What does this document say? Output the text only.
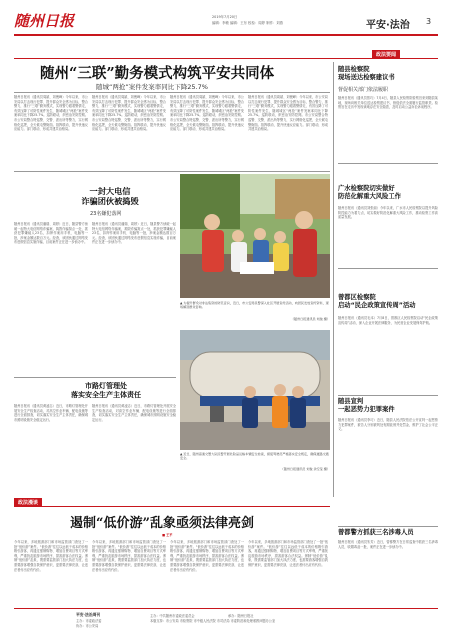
随州日报	2019年7月20日
编辑：李敏 编辑：王东 校检：周婷 制作：刘燕	平安·法治 3
政法要闻
随州“三联”勤务模式构筑平安共同体
随城“两抢”案件发案率同比下降25.7%
随州日报讯（通讯员周斌、刘俊峰）今年以来，市公安局以打击现行犯罪、提升群众安全感为目标，整合警力，推行“三联”勤务模式，实现警力跟着警情走，有效压降了可防性案件发生，随城城区“两抢”案件发案率同比下降25.7%。巡防联动，织密治安防控网。市公安局整合特巡警、交警、派出所等警力，实行网格化巡逻，全天候屯警街面。指挥联动，提升快速反应能力。部门联动，形成共建共治格局。
随州日报讯（通讯员周斌、刘俊峰）今年以来，市公安局以打击现行犯罪、提升群众安全感为目标，整合警力，推行“三联”勤务模式，实现警力跟着警情走，有效压降了可防性案件发生，随城城区“两抢”案件发案率同比下降25.7%。巡防联动，织密治安防控网。市公安局整合特巡警、交警、派出所等警力，实行网格化巡逻，全天候屯警街面。指挥联动，提升快速反应能力。部门联动，形成共建共治格局。
随州日报讯（通讯员周斌、刘俊峰）今年以来，市公安局以打击现行犯罪、提升群众安全感为目标，整合警力，推行“三联”勤务模式，实现警力跟着警情走，有效压降了可防性案件发生，随城城区“两抢”案件发案率同比下降25.7%。巡防联动，织密治安防控网。市公安局整合特巡警、交警、派出所等警力，实行网格化巡逻，全天候屯警街面。指挥联动，提升快速反应能力。部门联动，形成共建共治格局。
随州日报讯（通讯员周斌、刘俊峰）今年以来，市公安局以打击现行犯罪、提升群众安全感为目标，整合警力，推行“三联”勤务模式，实现警力跟着警情走，有效压降了可防性案件发生，随城城区“两抢”案件发案率同比下降25.7%。巡防联动，织密治安防控网。市公安局整合特巡警、交警、派出所等警力，实行网格化巡逻，全天候屯警街面。指挥联动，提升快速反应能力。部门联动，形成共建共治格局。
随县检察院
现场送达检察建议书
督促相关部门依法履职
随州日报讯（通讯员蔡巧）7月4日，随县人民检察院检察官来到随县某地，现场向相关单位送达检察建议书，督促依法全面履行监管职责。检察官在走访中发现该地存在安全隐患，及时启动公益诉讼诉前程序。
广水检察院切实做好
防范化解重大风险工作
随州日报讯（通讯员刘张丽）今年以来，广水市人民检察院以提升风险防控能力为着力点，切实做好防范化解重大风险工作，推动检察工作高质量发展。
曾都区检察院
启动“民企政策宣传周”活动
随州日报讯（通讯员毛本）7月8日，曾都区人民检察院启动“民企政策宣传周”活动，深入企业开展法律服务，为民营企业发展保驾护航。
随县宣判
一起恶势力犯罪案件
随州日报讯（通讯员李巧）近日，随县人民法院依法公开宣判一起恶势力犯罪案件，被告人分别被判处有期徒刑并处罚金，维护了社会公平正义。
曾都警方抓获三名涉毒人员
随州日报讯（通讯员朱芳）近日，曾都警方在日常巡查中抓获三名涉毒人员，收缴毒品一批，案件正在进一步侦办中。
一封大电信
诈骗团伙被捣毁
23名嫌犯落网
随州日报讯（通讯员潘瑞、周婷）近日，随县警方侦破一起特大电信网络诈骗案，捣毁诈骗窝点一处，抓获犯罪嫌疑人23名，扣押作案用手机、电脑等一批，涉案金额达数百万元。经查，该团伙通过网络发布虚假信息实施诈骗，目前案件正在进一步侦办中。
随州日报讯（通讯员潘瑞、周婷）近日，随县警方侦破一起特大电信网络诈骗案，捣毁诈骗窝点一处，抓获犯罪嫌疑人23名，扣押作案用手机、电脑等一批，涉案金额达数百万元。经查，该团伙通过网络发布虚假信息实施诈骗，目前案件正在进一步侦办中。
▲ 为提升群众对非法集资的防范意识，近日，市公安局民警深入社区开展宣传活动，向居民发放宣传资料，现场解答群众咨询。
（随州日报通讯员 刘俊 摄）
市路灯管理处
落实安全生产主体责任
随州日报讯（通讯员黄凌志）近日，市路灯管理处开展安全生产检查活动，对高空作业车辆、配电设施等进行全面排查，切实落实安全生产主体责任，确保城市照明设施安全稳定运行。
随州日报讯（通讯员黄凌志）近日，市路灯管理处开展安全生产检查活动，对高空作业车辆、配电设施等进行全面排查，切实落实安全生产主体责任，确保城市照明设施安全稳定运行。
▲ 近日，随州高速交警大队民警开展危险品运输车辆安全检查，督促驾驶员严格落实安全规定，确保道路交通安全。
（随州日报通讯员 刘俊 余空莹 摄）
政法漫谈
遏制“低价游”乱象亟须法律亮剑
■ 王平
今年以来，多地旅游部门和市场监管部门查处了一批“低价游”案件。“低价游”往往以远低于成本的价格吸引游客，再通过强制购物、增加自费项目等方式牟利，严重扰乱旅游市场秩序，损害游客合法权益。遏制“低价游”乱象，既需要监管部门加大执法力度，也需要游客增强自我保护意识，更需要法律亮剑，让违法者付出应有代价。
今年以来，多地旅游部门和市场监管部门查处了一批“低价游”案件。“低价游”往往以远低于成本的价格吸引游客，再通过强制购物、增加自费项目等方式牟利，严重扰乱旅游市场秩序，损害游客合法权益。遏制“低价游”乱象，既需要监管部门加大执法力度，也需要游客增强自我保护意识，更需要法律亮剑，让违法者付出应有代价。
今年以来，多地旅游部门和市场监管部门查处了一批“低价游”案件。“低价游”往往以远低于成本的价格吸引游客，再通过强制购物、增加自费项目等方式牟利，严重扰乱旅游市场秩序，损害游客合法权益。遏制“低价游”乱象，既需要监管部门加大执法力度，也需要游客增强自我保护意识，更需要法律亮剑，让违法者付出应有代价。
今年以来，多地旅游部门和市场监管部门查处了一批“低价游”案件。“低价游”往往以远低于成本的价格吸引游客，再通过强制购物、增加自费项目等方式牟利，严重扰乱旅游市场秩序，损害游客合法权益。遏制“低价游”乱象，既需要监管部门加大执法力度，也需要游客增强自我保护意识，更需要法律亮剑，让违法者付出应有代价。
平安·法治周刊
主办：市委政法委
协办：市公安局
主办：中共随州市委政法委员会	承办：随州日报社
本版支持：市公安局 市检察院 市中级人民法院 市司法局 市委防范和处理邪教问题办公室
